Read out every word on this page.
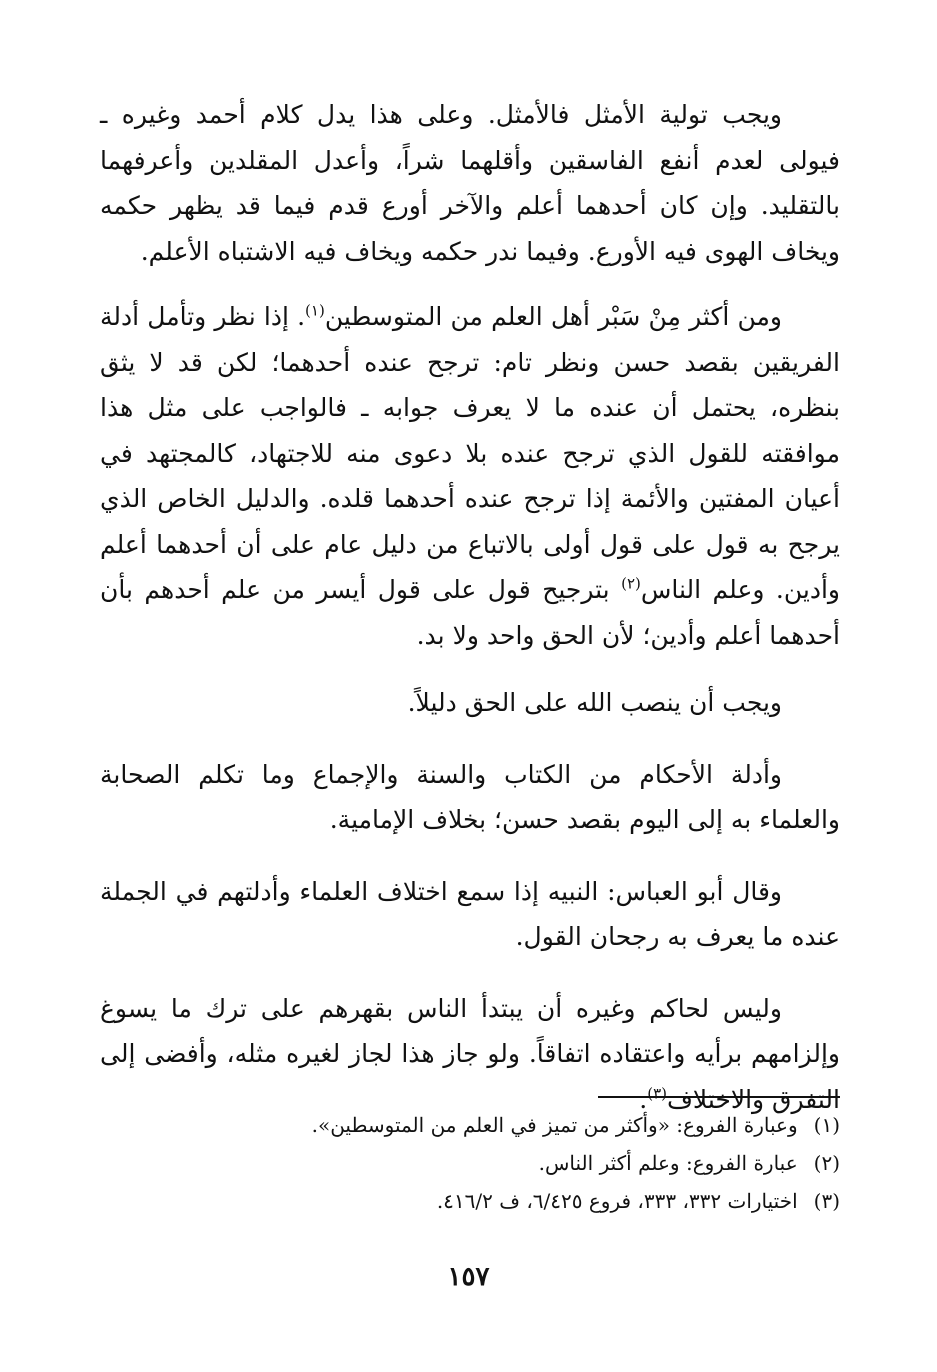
ويجب تولية الأمثل فالأمثل. وعلى هذا يدل كلام أحمد وغيره ـ فيولى لعدم أنفع الفاسقين وأقلهما شراً، وأعدل المقلدين وأعرفهما بالتقليد. وإن كان أحدهما أعلم والآخر أورع قدم فيما قد يظهر حكمه ويخاف الهوى فيه الأورع. وفيما ندر حكمه ويخاف فيه الاشتباه الأعلم.

ومن أكثر مِنْ سَبْر أهل العلم من المتوسطين$^{(١)}$. إذا نظر وتأمل أدلة الفريقين بقصد حسن ونظر تام: ترجح عنده أحدهما؛ لكن قد لا يثق بنظره، يحتمل أن عنده ما لا يعرف جوابه ـ فالواجب على مثل هذا موافقته للقول الذي ترجح عنده بلا دعوى منه للاجتهاد، كالمجتهد في أعيان المفتين والأئمة إذا ترجح عنده أحدهما قلده. والدليل الخاص الذي يرجح به قول على قول أولى بالاتباع من دليل عام على أن أحدهما أعلم وأدين. وعلم الناس$^{(٢)}$ بترجيح قول على قول أيسر من علم أحدهم بأن أحدهما أعلم وأدين؛ لأن الحق واحد ولا بد.

ويجب أن ينصب الله على الحق دليلاً.

وأدلة الأحكام من الكتاب والسنة والإجماع وما تكلم الصحابة والعلماء به إلى اليوم بقصد حسن؛ بخلاف الإمامية.

وقال أبو العباس: النبيه إذا سمع اختلاف العلماء وأدلتهم في الجملة عنده ما يعرف به رجحان القول.

وليس لحاكم وغيره أن يبتدأ الناس بقهرهم على ترك ما يسوغ وإلزامهم برأيه واعتقاده اتفاقاً. ولو جاز هذا لجاز لغيره مثله، وأفضى إلى التفرق والاختلاف$^{(٣)}$.

(١) وعبارة الفروع: «وأكثر من تميز في العلم من المتوسطين».

(٢) عبارة الفروع: وعلم أكثر الناس.

(٣) اختيارات ٣٣٢، ٣٣٣، فروع ٦/٤٢٥، ف ٤١٦/٢.

١٥٧
